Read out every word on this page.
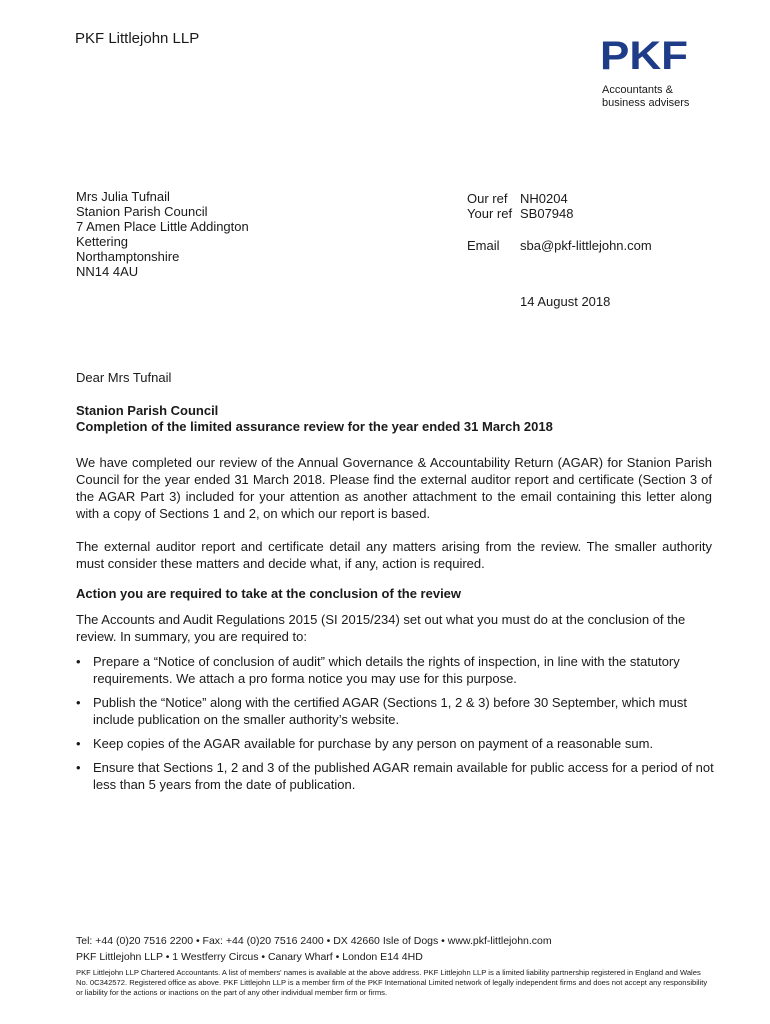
PKF Littlejohn LLP	PKF
Accountants &
business advisers
Mrs Julia Tufnail
Stanion Parish Council
7 Amen Place Little Addington
Kettering
Northamptonshire
NN14 4AU
Our ref NH0204
Your ref SB07948
Email	sba@pkf-littlejohn.com
14 August 2018
Dear Mrs Tufnail
Stanion Parish Council
Completion of the limited assurance review for the year ended 31 March 2018
We have completed our review of the Annual Governance & Accountability Return (AGAR) for Stanion Parish Council for the year ended 31 March 2018. Please find the external auditor report and certificate (Section 3 of the AGAR Part 3) included for your attention as another attachment to the email containing this letter along with a copy of Sections 1 and 2, on which our report is based.
The external auditor report and certificate detail any matters arising from the review. The smaller authority must consider these matters and decide what, if any, action is required.
Action you are required to take at the conclusion of the review
The Accounts and Audit Regulations 2015 (SI 2015/234) set out what you must do at the conclusion of the review. In summary, you are required to:
• Prepare a “Notice of conclusion of audit” which details the rights of inspection, in line with the statutory requirements. We attach a pro forma notice you may use for this purpose.
• Publish the “Notice” along with the certified AGAR (Sections 1, 2 & 3) before 30 September, which must include publication on the smaller authority’s website.
• Keep copies of the AGAR available for purchase by any person on payment of a reasonable sum.
• Ensure that Sections 1, 2 and 3 of the published AGAR remain available for public access for a period of not less than 5 years from the date of publication.
Tel: +44 (0)20 7516 2200 • Fax: +44 (0)20 7516 2400 • DX 42660 Isle of Dogs • www.pkf-littlejohn.com
PKF Littlejohn LLP • 1 Westferry Circus • Canary Wharf • London E14 4HD
PKF Littlejohn LLP Chartered Accountants. A list of members' names is available at the above address. PKF Littlejohn LLP is a limited liability partnership registered in England and Wales No. 0C342572. Registered office as above. PKF Littlejohn LLP is a member firm of the PKF International Limited network of legally independent firms and does not accept any responsibility or liability for the actions or inactions on the part of any other individual member firm or firms.
